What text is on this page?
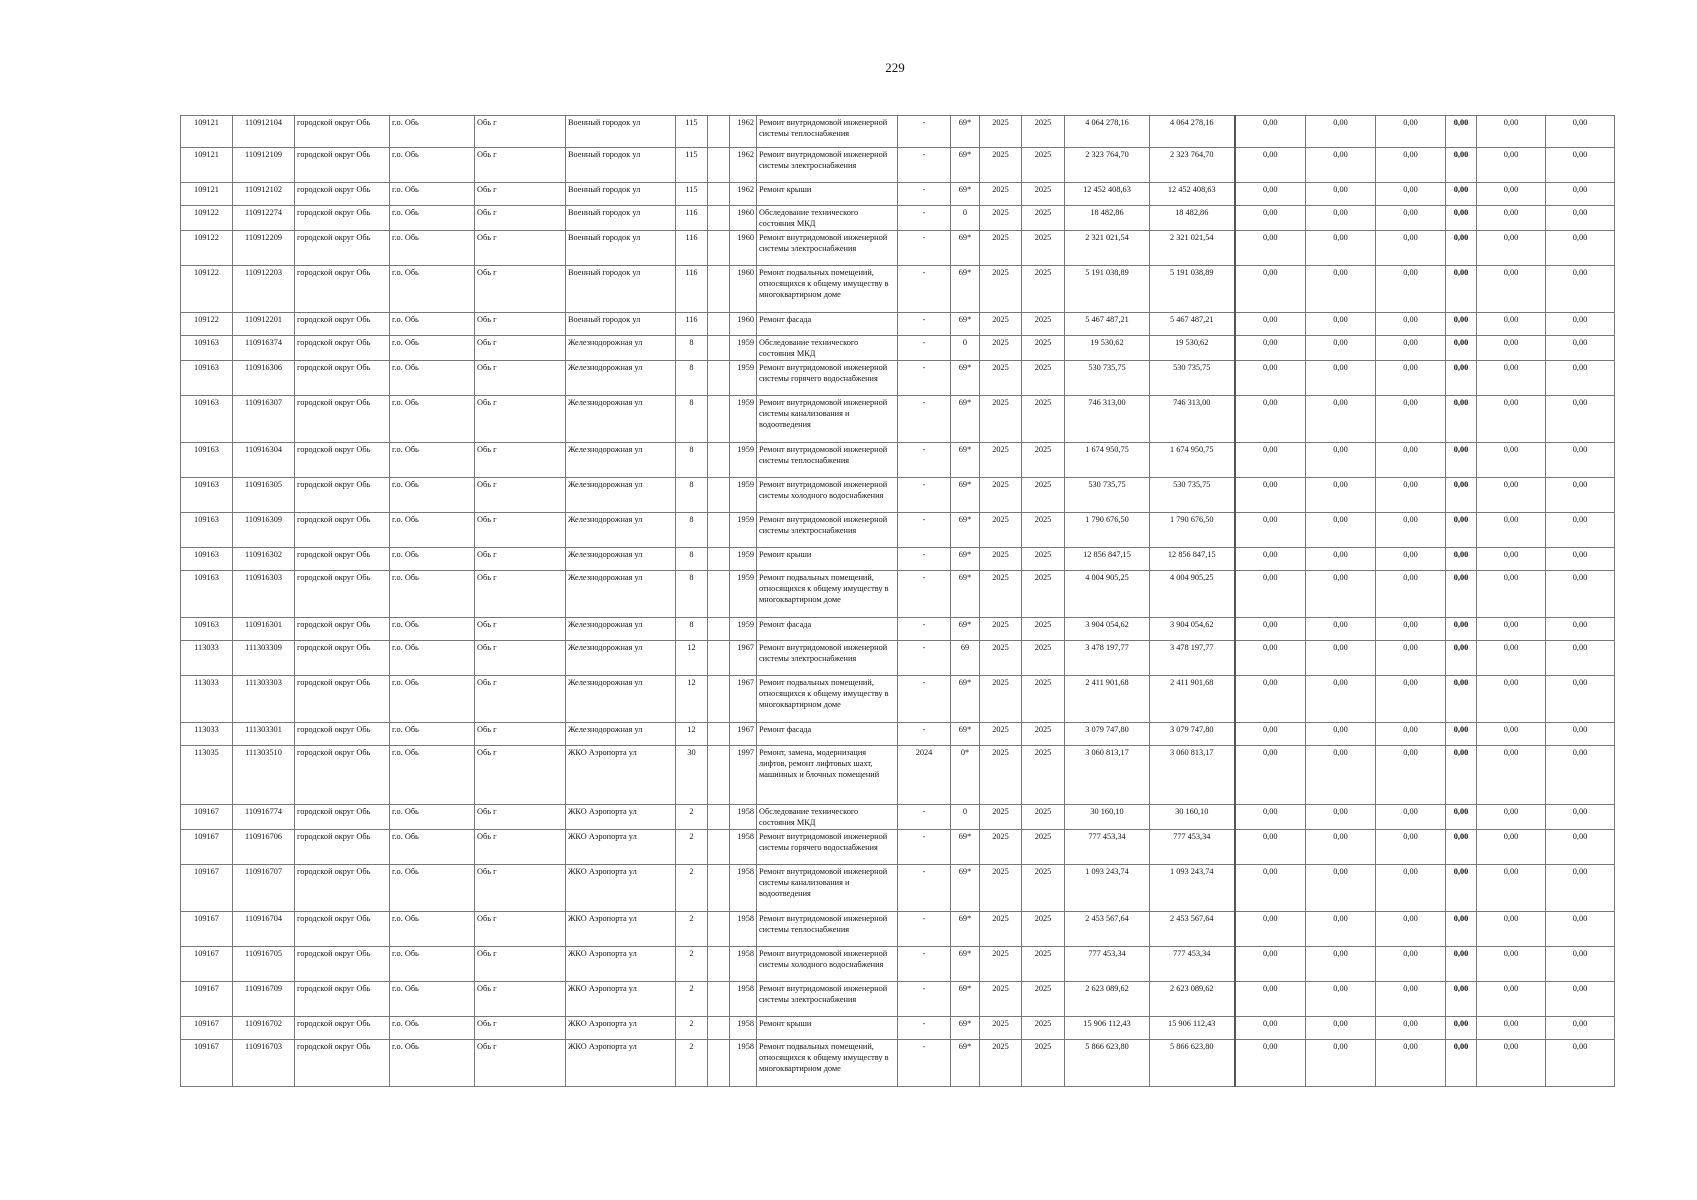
229
109121	110912104	городской округ Обь	г.о. Обь	Обь г	Военный городок ул	115		1962	Ремонт внутридомовой инженерной системы теплоснабжения	-	69*	2025	2025	4 064 278,16	4 064 278,16	0,00	0,00	0,00	0,00	0,00	0,00
109121	110912109	городской округ Обь	г.о. Обь	Обь г	Военный городок ул	115		1962	Ремонт внутридомовой инженерной системы электроснабжения	-	69*	2025	2025	2 323 764,70	2 323 764,70	0,00	0,00	0,00	0,00	0,00	0,00
109121	110912102	городской округ Обь	г.о. Обь	Обь г	Военный городок ул	115		1962	Ремонт крыши	-	69*	2025	2025	12 452 408,63	12 452 408,63	0,00	0,00	0,00	0,00	0,00	0,00
109122	110912274	городской округ Обь	г.о. Обь	Обь г	Военный городок ул	116		1960	Обследование технического состояния МКД	-	0	2025	2025	18 482,86	18 482,86	0,00	0,00	0,00	0,00	0,00	0,00
109122	110912209	городской округ Обь	г.о. Обь	Обь г	Военный городок ул	116		1960	Ремонт внутридомовой инженерной системы электроснабжения	-	69*	2025	2025	2 321 021,54	2 321 021,54	0,00	0,00	0,00	0,00	0,00	0,00
109122	110912203	городской округ Обь	г.о. Обь	Обь г	Военный городок ул	116		1960	Ремонт подвальных помещений, относящихся к общему имуществу в многоквартирном доме	-	69*	2025	2025	5 191 038,89	5 191 038,89	0,00	0,00	0,00	0,00	0,00	0,00
109122	110912201	городской округ Обь	г.о. Обь	Обь г	Военный городок ул	116		1960	Ремонт фасада	-	69*	2025	2025	5 467 487,21	5 467 487,21	0,00	0,00	0,00	0,00	0,00	0,00
109163	110916374	городской округ Обь	г.о. Обь	Обь г	Железнодорожная ул	8		1959	Обследование технического состояния МКД	-	0	2025	2025	19 530,62	19 530,62	0,00	0,00	0,00	0,00	0,00	0,00
109163	110916306	городской округ Обь	г.о. Обь	Обь г	Железнодорожная ул	8		1959	Ремонт внутридомовой инженерной системы горячего водоснабжения	-	69*	2025	2025	530 735,75	530 735,75	0,00	0,00	0,00	0,00	0,00	0,00
109163	110916307	городской округ Обь	г.о. Обь	Обь г	Железнодорожная ул	8		1959	Ремонт внутридомовой инженерной системы канализования и водоотведения	-	69*	2025	2025	746 313,00	746 313,00	0,00	0,00	0,00	0,00	0,00	0,00
109163	110916304	городской округ Обь	г.о. Обь	Обь г	Железнодорожная ул	8		1959	Ремонт внутридомовой инженерной системы теплоснабжения	-	69*	2025	2025	1 674 950,75	1 674 950,75	0,00	0,00	0,00	0,00	0,00	0,00
109163	110916305	городской округ Обь	г.о. Обь	Обь г	Железнодорожная ул	8		1959	Ремонт внутридомовой инженерной системы холодного водоснабжения	-	69*	2025	2025	530 735,75	530 735,75	0,00	0,00	0,00	0,00	0,00	0,00
109163	110916309	городской округ Обь	г.о. Обь	Обь г	Железнодорожная ул	8		1959	Ремонт внутридомовой инженерной системы электроснабжения	-	69*	2025	2025	1 790 676,50	1 790 676,50	0,00	0,00	0,00	0,00	0,00	0,00
109163	110916302	городской округ Обь	г.о. Обь	Обь г	Железнодорожная ул	8		1959	Ремонт крыши	-	69*	2025	2025	12 856 847,15	12 856 847,15	0,00	0,00	0,00	0,00	0,00	0,00
109163	110916303	городской округ Обь	г.о. Обь	Обь г	Железнодорожная ул	8		1959	Ремонт подвальных помещений, относящихся к общему имуществу в многоквартирном доме	-	69*	2025	2025	4 004 905,25	4 004 905,25	0,00	0,00	0,00	0,00	0,00	0,00
109163	110916301	городской округ Обь	г.о. Обь	Обь г	Железнодорожная ул	8		1959	Ремонт фасада	-	69*	2025	2025	3 904 054,62	3 904 054,62	0,00	0,00	0,00	0,00	0,00	0,00
113033	111303309	городской округ Обь	г.о. Обь	Обь г	Железнодорожная ул	12		1967	Ремонт внутридомовой инженерной системы электроснабжения	-	69	2025	2025	3 478 197,77	3 478 197,77	0,00	0,00	0,00	0,00	0,00	0,00
113033	111303303	городской округ Обь	г.о. Обь	Обь г	Железнодорожная ул	12		1967	Ремонт подвальных помещений, относящихся к общему имуществу в многоквартирном доме	-	69*	2025	2025	2 411 901,68	2 411 901,68	0,00	0,00	0,00	0,00	0,00	0,00
113033	111303301	городской округ Обь	г.о. Обь	Обь г	Железнодорожная ул	12		1967	Ремонт фасада	-	69*	2025	2025	3 079 747,80	3 079 747,80	0,00	0,00	0,00	0,00	0,00	0,00
113035	111303510	городской округ Обь	г.о. Обь	Обь г	ЖКО Аэропорта ул	30		1997	Ремонт, замена, модернизация лифтов, ремонт лифтовых шахт, машинных и блочных помещений	2024	0*	2025	2025	3 060 813,17	3 060 813,17	0,00	0,00	0,00	0,00	0,00	0,00
109167	110916774	городской округ Обь	г.о. Обь	Обь г	ЖКО Аэропорта ул	2		1958	Обследование технического состояния МКД	-	0	2025	2025	30 160,10	30 160,10	0,00	0,00	0,00	0,00	0,00	0,00
109167	110916706	городской округ Обь	г.о. Обь	Обь г	ЖКО Аэропорта ул	2		1958	Ремонт внутридомовой инженерной системы горячего водоснабжения	-	69*	2025	2025	777 453,34	777 453,34	0,00	0,00	0,00	0,00	0,00	0,00
109167	110916707	городской округ Обь	г.о. Обь	Обь г	ЖКО Аэропорта ул	2		1958	Ремонт внутридомовой инженерной системы канализования и водоотведения	-	69*	2025	2025	1 093 243,74	1 093 243,74	0,00	0,00	0,00	0,00	0,00	0,00
109167	110916704	городской округ Обь	г.о. Обь	Обь г	ЖКО Аэропорта ул	2		1958	Ремонт внутридомовой инженерной системы теплоснабжения	-	69*	2025	2025	2 453 567,64	2 453 567,64	0,00	0,00	0,00	0,00	0,00	0,00
109167	110916705	городской округ Обь	г.о. Обь	Обь г	ЖКО Аэропорта ул	2		1958	Ремонт внутридомовой инженерной системы холодного водоснабжения	-	69*	2025	2025	777 453,34	777 453,34	0,00	0,00	0,00	0,00	0,00	0,00
109167	110916709	городской округ Обь	г.о. Обь	Обь г	ЖКО Аэропорта ул	2		1958	Ремонт внутридомовой инженерной системы электроснабжения	-	69*	2025	2025	2 623 089,62	2 623 089,62	0,00	0,00	0,00	0,00	0,00	0,00
109167	110916702	городской округ Обь	г.о. Обь	Обь г	ЖКО Аэропорта ул	2		1958	Ремонт крыши	-	69*	2025	2025	15 906 112,43	15 906 112,43	0,00	0,00	0,00	0,00	0,00	0,00
109167	110916703	городской округ Обь	г.о. Обь	Обь г	ЖКО Аэропорта ул	2		1958	Ремонт подвальных помещений, относящихся к общему имуществу в многоквартирном доме	-	69*	2025	2025	5 866 623,80	5 866 623,80	0,00	0,00	0,00	0,00	0,00	0,00
